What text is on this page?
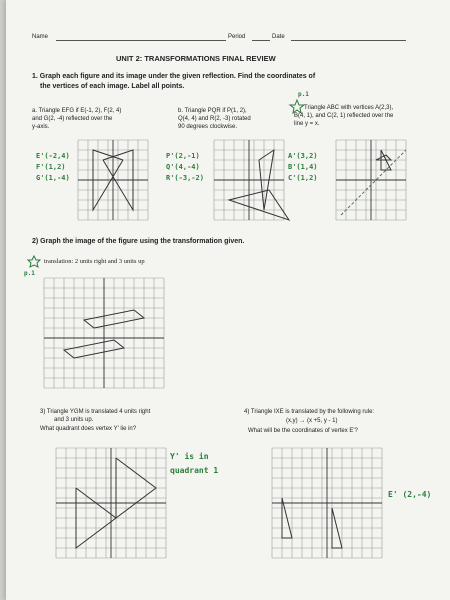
Name	Period	Date
UNIT 2: TRANSFORMATIONS FINAL REVIEW
1. Graph each figure and its image under the given reflection. Find the coordinates of
the vertices of each image. Label all points.
a. Triangle EFG if E(-1, 2), F(2, 4)
and G(2, -4) reflected over the
y-axis.
E'(-2,4)
F'(1,2)
G'(1,-4)
b. Triangle PQR if P(1, 2),
Q(4, 4) and R(2, -3) rotated
90 degrees clockwise.
P'(2,-1)
Q'(4,-4)
R'(-3,-2)
p.1
Triangle ABC with vertices A(2,3),
B(4, 1), and C(2, 1) reflected over the
line y = x.
A'(3,2)
B'(1,4)
C'(1,2)
2) Graph the image of the figure using the transformation given.
p.1
translation: 2 units right and 3 units up
3) Triangle YGM is translated 4 units right
and 3 units up.
What quadrant does vertex Y' lie in?
Y' is in
quadrant 1
4) Triangle IXE is translated by the following rule:
(x,y) → (x +5, y - 1)
What will be the coordinates of vertex E'?
E' (2,-4)
